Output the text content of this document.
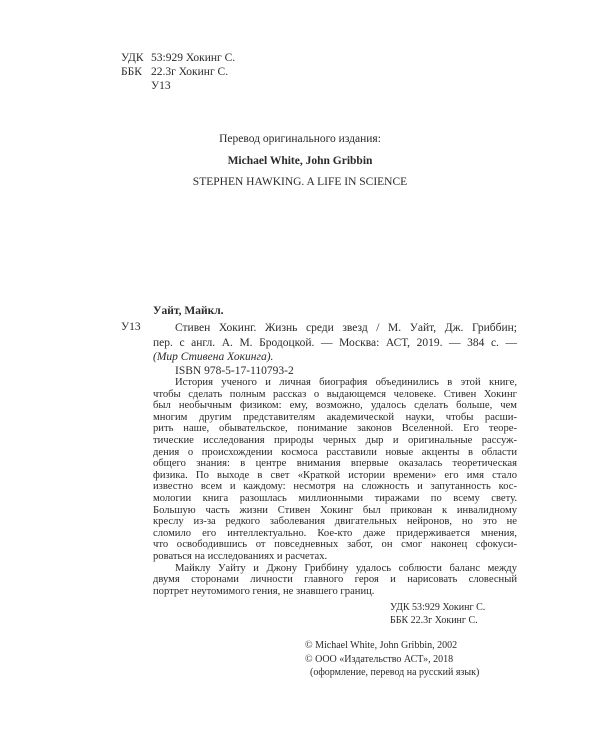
УДК 53:929 Хокинг С.
ББК 22.3г Хокинг С.
У13
Перевод оригинального издания:
Michael White, John Gribbin
STEPHEN HAWKING. A LIFE IN SCIENCE
Уайт, Майкл.
У13	Стивен Хокинг. Жизнь среди звезд / М. Уайт, Дж. Гриббин;
пер. с англ. А. М. Бродоцкой. — Москва: АСТ, 2019. — 384 с. —
(Мир Стивена Хокинга).
ISBN 978-5-17-110793-2
История ученого и личная биография объединились в этой книге,
чтобы сделать полным рассказ о выдающемся человеке. Стивен Хокинг
был необычным физиком: ему, возможно, удалось сделать больше, чем
многим другим представителям академической науки, чтобы расши-
рить наше, обывательское, понимание законов Вселенной. Его теоре-
тические исследования природы черных дыр и оригинальные рассуж-
дения о происхождении космоса расставили новые акценты в области
общего знания: в центре внимания впервые оказалась теоретическая
физика. По выходе в свет «Краткой истории времени» его имя стало
известно всем и каждому: несмотря на сложность и запутанность кос-
мологии книга разошлась миллионными тиражами по всему свету.
Большую часть жизни Стивен Хокинг был прикован к инвалидному
креслу из-за редкого заболевания двигательных нейронов, но это не
сломило его интеллектуально. Кое-кто даже придерживается мнения,
что освободившись от повседневных забот, он смог наконец сфокуси-
роваться на исследованиях и расчетах.
Майклу Уайту и Джону Гриббину удалось соблюсти баланс между
двумя сторонами личности главного героя и нарисовать словесный
портрет неутомимого гения, не знавшего границ.
УДК 53:929 Хокинг С.
ББК 22.3г Хокинг С.
© Michael White, John Gribbin, 2002
© ООО «Издательство АСТ», 2018
(оформление, перевод на русский язык)
